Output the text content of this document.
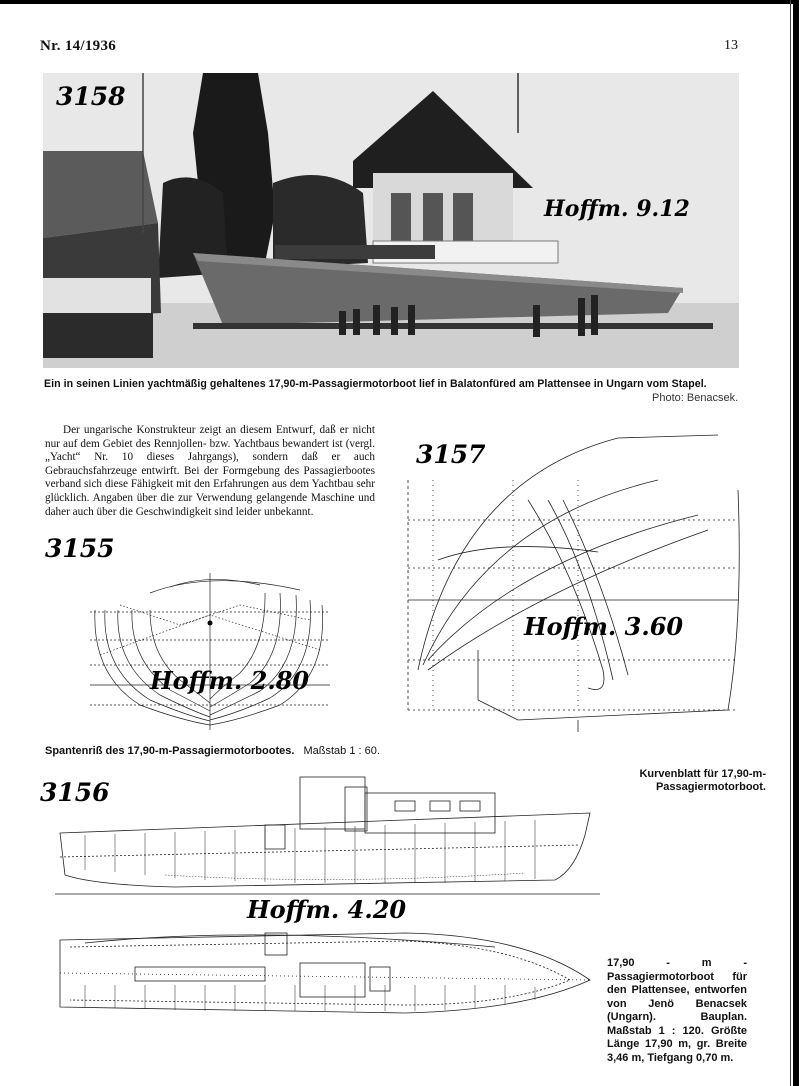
Nr. 14/1936	13
3158
Hoffm. 9.12
Ein in seinen Linien yachtmäßig gehaltenes 17,90-m-Passagiermotorboot lief in Balatonfüred am Plattensee in Ungarn vom Stapel.
Photo: Benacsek.
Der ungarische Konstrukteur zeigt an diesem Entwurf, daß er nicht nur auf dem Gebiet des Rennjollen- bzw. Yachtbaus bewandert ist (vergl. „Yacht“ Nr. 10 dieses Jahrgangs), sondern daß er auch Gebrauchsfahrzeuge entwirft. Bei der Formgebung des Passagierbootes verband sich diese Fähigkeit mit den Erfahrungen aus dem Yachtbau sehr glücklich. Angaben über die zur Verwendung gelangende Maschine und daher auch über die Geschwindigkeit sind leider unbekannt.
3155
Hoffm. 2.80
Spantenriß des 17,90-m-Passagiermotorbootes. Maßstab 1 : 60.
3157
Hoffm. 3.60
Kurvenblatt für 17,90-m-Passagiermotorboot.
3156
Hoffm. 4.20
17,90 - m - Passagiermotorboot für den Plattensee, entworfen von Jenö Benacsek (Ungarn). Bauplan. Maßstab 1 : 120. Größte Länge 17,90 m, gr. Breite 3,46 m, Tiefgang 0,70 m.
